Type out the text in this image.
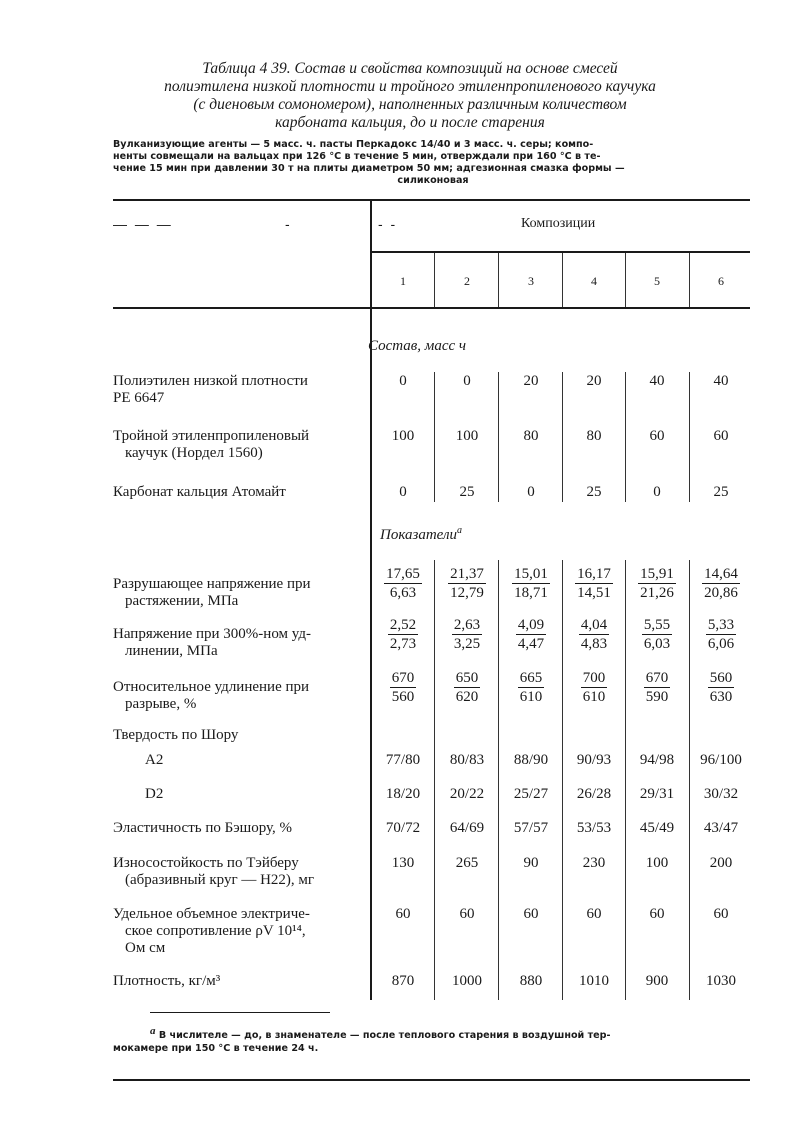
Таблица 4 39. Состав и свойства композиций на основе смесей
полиэтилена низкой плотности и тройного этиленпропиленового каучука
(с диеновым сомономером), наполненных различным количеством
карбоната кальция, до и после старения
Вулканизующие агенты — 5 масс. ч. пасты Перкадокс 14/40 и 3 масс. ч. серы; компо-
ненты совмещали на вальцах при 126 °С в течение 5 мин, отверждали при 160 °С в те-
чение 15 мин при давлении 30 т на плиты диаметром 50 мм; адгезионная смазка формы —
силиконовая
— — —	-	- -	Композиции
1	2	3	4	5	6
Состав, масс ч
Полиэтилен низкой плотности
PE 6647
0	0	20	20	40	40
Тройной этиленпропиленовый
каучук (Нордел 1560)
100	100	80	80	60	60
Карбонат кальция Атомайт	0	25	0	25	0	25
Показатели$^а$
Разрушающее напряжение при
растяжении, МПа	$\frac{17,65}{6,63} \frac{21,37}{12,79} \frac{15,01}{18,71} \frac{16,17}{14,51} \frac{15,91}{21,26} \frac{14,64}{20,86}$
Напряжение при 300%-ном уд-
линении, МПа	$\frac{2,52}{2,73} \frac{2,63}{3,25} \frac{4,09}{4,47} \frac{4,04}{4,83} \frac{5,55}{6,03} \frac{5,33}{6,06}$
Относительное удлинение при
разрыве, %	$\frac{670}{560} \frac{650}{620} \frac{665}{610} \frac{700}{610} \frac{670}{590} \frac{560}{630}$
Твердость по Шору
А2	77/80	80/83	88/90	90/93	94/98	96/100
D2	18/20	20/22	25/27	26/28	29/31	30/32
Эластичность по Бэшору, %	70/72	64/69	57/57	53/53	45/49	43/47
Износостойкость по Тэйберу
(абразивный круг — Н22), мг
130	265	90	230	100	200
Удельное объемное электриче-
ское сопротивление ρV 10¹⁴,
Ом см
60	60	60	60	60	60
Плотность, кг/м³	870	1000	880	1010	900	1030
$^а$ В числителе — до, в знаменателе — после теплового старения в воздушной тер-
мокамере при 150 °С в течение 24 ч.
